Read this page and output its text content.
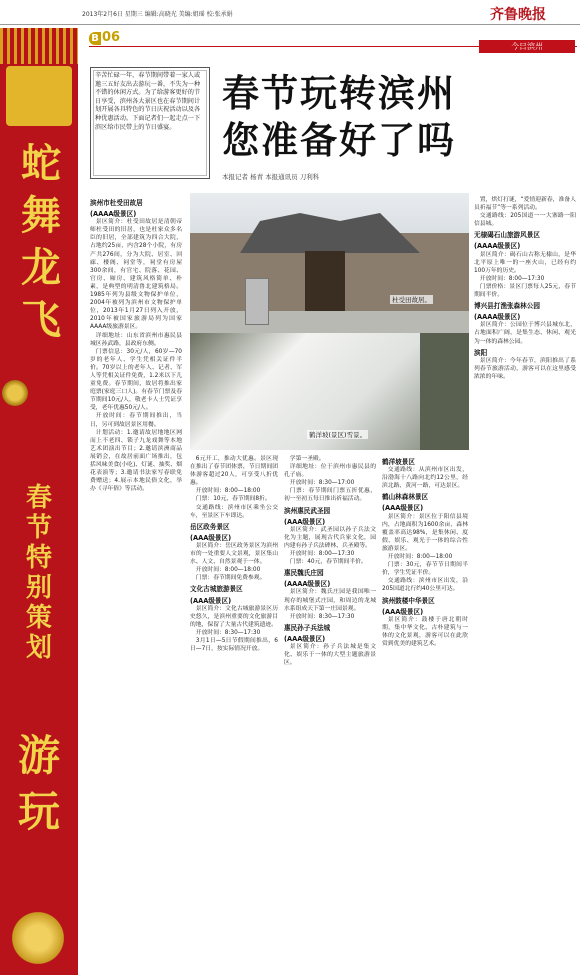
2013年2月6日 星期三 编辑:高晓光 美编:姐瑶 校:张承娟	齐鲁晚报
B 06
蛇舞龙飞
春节特别策划
游玩
辛苦忙碌一年，春节期间带着一家人或邀三五好友出去游玩一番，不失为一种不错的休闲方式。为了给游客更好的节日享受，滨州各大景区也在春节期间计划开展各具特色的节日庆祝活动以及各种优惠活动。下面记者们一起走点一下滨区给市民带上的节日盛宴。
春节玩转滨州
您准备好了吗
本报记者 杨青 本报通讯员 刀利科
杜受田故居。
鹤洋坡(景区)雪景。
滨州市杜受田故居
(AAAA级景区)
景区简介：杜受田故居是清朝帝师杜受田的旧居，也是杜家众多名臣的旧居，全部建筑为四合大院，占地约25亩，内含28个小院，有房产共276间，分为大院、居室、回廊、楼阁、祠堂等，祠堂有房屋300余间，有官宅、院落、花园、官房、厢房、建筑风格简单、朴素，是典型的明清鲁北建筑格局。1985年列为县级文物保护单位，2004年被列为滨州市文物保护单位，2013年1月27日列入开放，2010年被国家旅游局列为国家AAAA级旅游景区。
详细地址：山东省滨州市惠民县城区孙武路，县政府东侧。
门票信息：30元/人，60岁—70岁的老年人、学生凭相关证件半价。70岁以上的老年人、记者、军人等凭相关证件免费，1.2米以下儿童免费。春节期间，故居将推出家庭票(家庭三口人)。有春节门票及春节期间10元/人，敬老卡人士凭证享受，老年优惠50元/人。
开放时间：春节期间推出，当日，另可到故居景区用餐。
计划活动：1.邀请故居地地区网而上不老四、锁子九龙戏舞等本地艺术团演出节目；2.邀请滨洲商品展销会，在故居前面广场推出，包括风味美食(小吃)、灯谜、抽奖、烟花表演等；3.邀请书法家写春联免费赠送；4.展示本地民俗文化，举办《寻年俗》等活动。
6元开工，推动大优惠。景区现在推出了春节团体票，节日期间团体游客超过20人，可享受八折优惠。
开放时间：8:00—18:00
门票：10元，春节期间8折。
交通路线：滨州市区乘坐公交车，至景区下车即达。
岳区政务景区
(AAA级景区)
景区简介：岳区政务景区为滨州市的一处重要人文景观，景区集山水、人文、自然景观于一体。
开放时间：8:00—18:00
门票：春节期间免费参观。
文化古城旅游景区
(AAA级景区)
景区简介：文化古城旅游景区历史悠久，是滨州重要的文化旅游目的地，保留了大量古代建筑遗迹。
开放时间：8:30—17:30
3月1日—5日节假期间推出，6日—7日，按实际情况开放。
学第一圣殿。
详细地址：位于滨州市惠民县的孔子庙。
开放时间：8:30—17:00
门票：春节期间门票五折优惠，初一至初五每日推出祈福活动。
滨州惠民武圣园
(AAA级景区)
景区简介：武圣园以孙子兵法文化为主题，展现古代兵家文化，园内建有孙子兵法碑林、兵圣殿等。
开放时间：8:00—17:30
门票：40元，春节期间半价。
惠民魏氏庄园
(AAAA级景区)
景区简介：魏氏庄园是我国唯一现存的城堡式庄园，和周边的龙城水系组成天下第一庄园景观。
开放时间：8:30—17:30
惠民孙子兵法城
(AAA级景区)
景区简介：孙子兵法城是集文化、娱乐于一体的大型主题旅游景区。
置，烘灯打谜，“爱情迎新春，准备人员祈福节”等一系列活动。
交通路线：205国道一一大寨路一阳信县城。
无棣碣石山旅游风景区
(AAAA级景区)
景区简介：碣石山古称无棣山，是华北平原上唯一的一座火山，已经有约100万年的历史。
开放时间：8:00—17:30
门票价格：景区门票每人25元，春节期间半价。
博兴县打渔张森林公园
(AAAA级景区)
景区简介：公园位于博兴县城东北，占地面积广阔，是集生态、休闲、观光为一体的森林公园。
滨阳
景区简介：今年春节，滨阳推出了系列春节旅游活动，游客可以在这里感受浓浓的年味。
鹤洋坡景区
交通路线：从滨州市区出发，沿渤海十八路向北约12公里，经滨北路、黄河一路，可达景区。
鹤山林森林景区
(AAA级景区)
景区简介：景区位于阳信县境内，占地面积为1600余亩，森林覆盖率高达98%，是集休闲、度假、娱乐、观光于一体的综合性旅游景区。
开放时间：8:00—18:00
门票：30元，春节节日期间半价，学生凭证半价。
交通路线：滨州市区出发，沿205国道北行约40公里可达。
滨州鼓楼中华景区
(AAA级景区)
景区简介：鼓楼于唐北朝时期，集中华文化、古朴建筑与一体的文化景观，游客可以在此欣赏到优美的建筑艺术。
